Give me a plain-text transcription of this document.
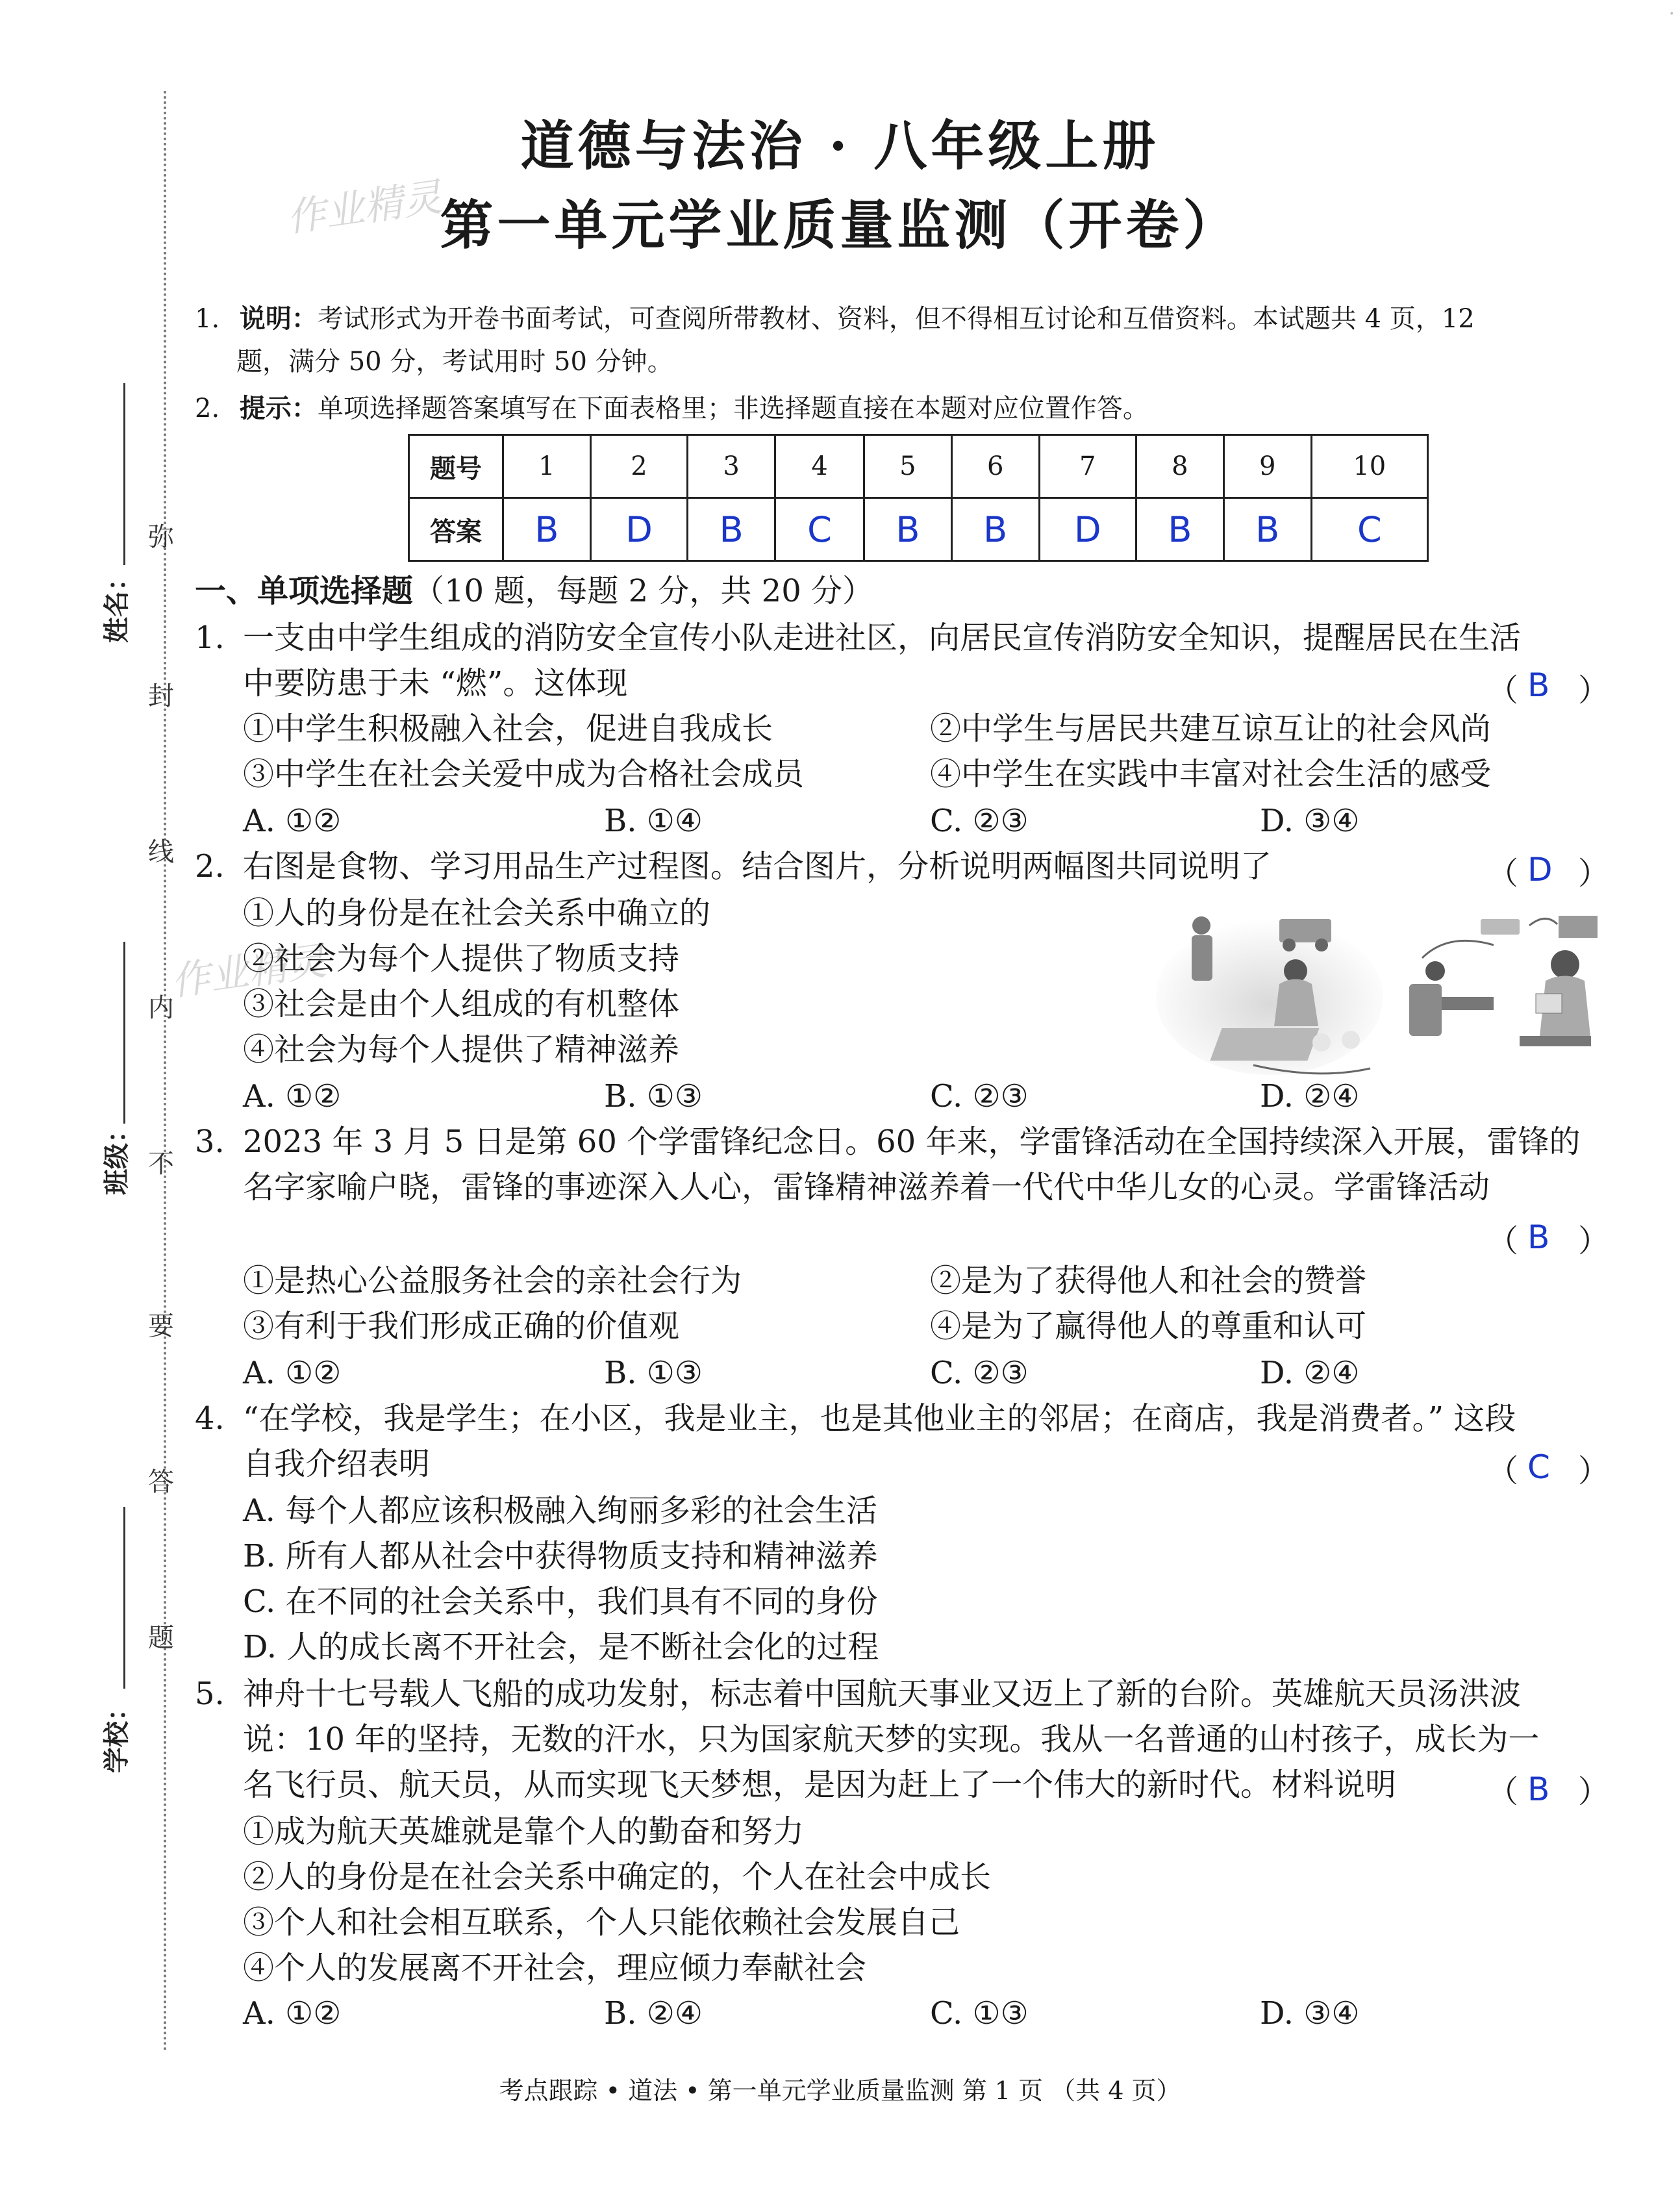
·
道德与法治 · 八年级上册
第一单元学业质量监测（开卷）
作业精灵
作业精灵
弥
封
线
内
不
要
答
题
姓名：
班级：
学校：
1. 说明：考试形式为开卷书面考试，可查阅所带教材、资料，但不得相互讨论和互借资料。本试题共 4 页，12
题，满分 50 分，考试用时 50 分钟。
2. 提示：单项选择题答案填写在下面表格里；非选择题直接在本题对应位置作答。
题号	1	2	3	4	5	6	7	8	9	10
答案	B	D	B	C	B	B	D	B	B	C
一、单项选择题（10 题，每题 2 分，共 20 分）
1. 一支由中学生组成的消防安全宣传小队走进社区，向居民宣传消防安全知识，提醒居民在生活
中要防患于未 “燃”。这体现	（ B ）
①中学生积极融入社会，促进自我成长	②中学生与居民共建互谅互让的社会风尚
③中学生在社会关爱中成为合格社会成员	④中学生在实践中丰富对社会生活的感受
A. ①②	B. ①④	C. ②③	D. ③④
2. 右图是食物、学习用品生产过程图。结合图片，分析说明两幅图共同说明了	（ D ）
①人的身份是在社会关系中确立的
②社会为每个人提供了物质支持
③社会是由个人组成的有机整体
④社会为每个人提供了精神滋养
A. ①②	B. ①③	C. ②③	D. ②④
3. 2023 年 3 月 5 日是第 60 个学雷锋纪念日。60 年来，学雷锋活动在全国持续深入开展，雷锋的
名字家喻户晓，雷锋的事迹深入人心，雷锋精神滋养着一代代中华儿女的心灵。学雷锋活动
（ B ）
①是热心公益服务社会的亲社会行为	②是为了获得他人和社会的赞誉
③有利于我们形成正确的价值观	④是为了赢得他人的尊重和认可
A. ①②	B. ①③	C. ②③	D. ②④
4. “在学校，我是学生；在小区，我是业主，也是其他业主的邻居；在商店，我是消费者。” 这段
自我介绍表明	（ C ）
A. 每个人都应该积极融入绚丽多彩的社会生活
B. 所有人都从社会中获得物质支持和精神滋养
C. 在不同的社会关系中，我们具有不同的身份
D. 人的成长离不开社会，是不断社会化的过程
5. 神舟十七号载人飞船的成功发射，标志着中国航天事业又迈上了新的台阶。英雄航天员汤洪波
说：10 年的坚持，无数的汗水，只为国家航天梦的实现。我从一名普通的山村孩子，成长为一
名飞行员、航天员，从而实现飞天梦想，是因为赶上了一个伟大的新时代。材料说明	（ B ）
①成为航天英雄就是靠个人的勤奋和努力
②人的身份是在社会关系中确定的，个人在社会中成长
③个人和社会相互联系，个人只能依赖社会发展自己
④个人的发展离不开社会，理应倾力奉献社会
A. ①②	B. ②④	C. ①③	D. ③④
考点跟踪 • 道法 • 第一单元学业质量监测 第 1 页 （共 4 页）
